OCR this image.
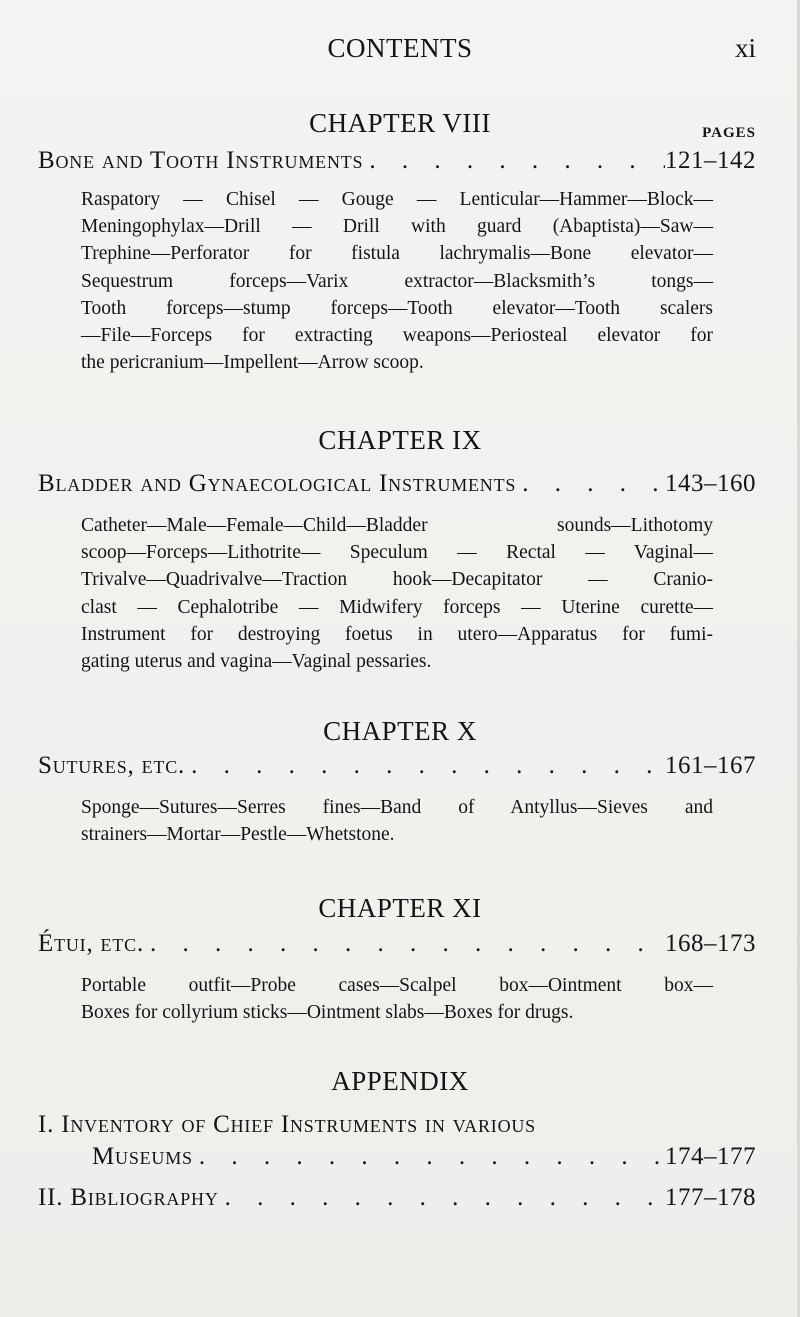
CONTENTS	xi
CHAPTER VIII	PAGES
Bone and Tooth Instruments . . .	121–142
Raspatory — Chisel — Gouge — Lenticular—Hammer—Block—
Meningophylax—Drill — Drill with guard (Abaptista)—Saw—
Trephine—Perforator for fistula lachrymalis—Bone elevator—
Sequestrum forceps—Varix extractor—Blacksmith’s tongs—
Tooth forceps—stump forceps—Tooth elevator—Tooth scalers
—File—Forceps for extracting weapons—Periosteal elevator for
the pericranium—Impellent—Arrow scoop.
CHAPTER IX
Bladder and Gynaecological Instruments . . .	143–160
Catheter—Male—Female—Child—Bladder sounds—Lithotomy
scoop—Forceps—Lithotrite— Speculum — Rectal — Vaginal—
Trivalve—Quadrivalve—Traction hook—Decapitator — Cranio-
clast — Cephalotribe — Midwifery forceps — Uterine curette—
Instrument for destroying foetus in utero—Apparatus for fumi-
gating uterus and vagina—Vaginal pessaries.
CHAPTER X
Sutures, etc. . . .	161–167
Sponge—Sutures—Serres fines—Band of Antyllus—Sieves and
strainers—Mortar—Pestle—Whetstone.
CHAPTER XI
Étui, etc. . . .	168–173
Portable outfit—Probe cases—Scalpel box—Ointment box—
Boxes for collyrium sticks—Ointment slabs—Boxes for drugs.
APPENDIX
I. Inventory of Chief Instruments in various
Museums . . .	174–177
II. Bibliography . . .	177–178
